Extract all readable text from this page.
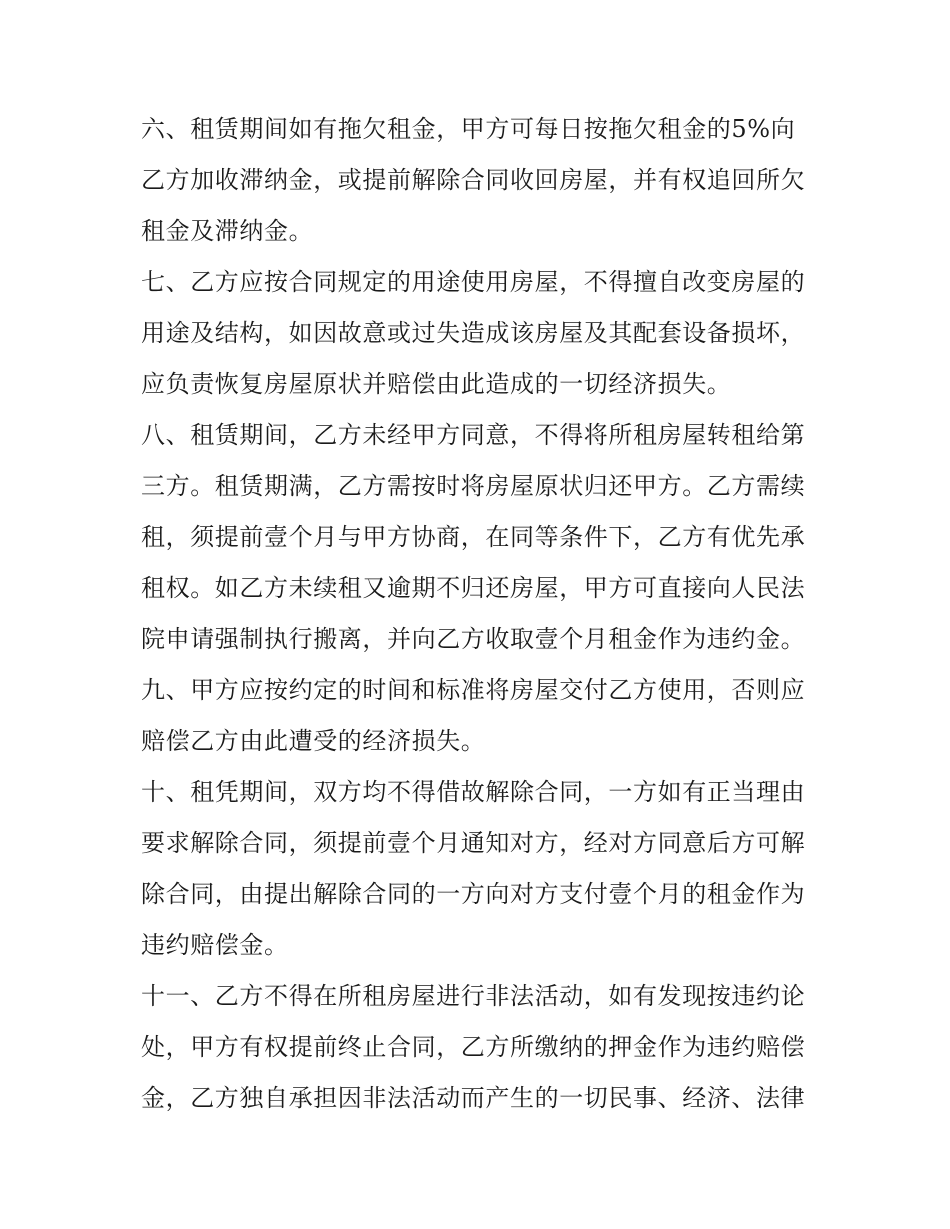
六、租赁期间如有拖欠租金，甲方可每日按拖欠租金的5%向
乙方加收滞纳金，或提前解除合同收回房屋，并有权追回所欠
租金及滞纳金。
七、乙方应按合同规定的用途使用房屋，不得擅自改变房屋的
用途及结构，如因故意或过失造成该房屋及其配套设备损坏，
应负责恢复房屋原状并赔偿由此造成的一切经济损失。
八、租赁期间，乙方未经甲方同意，不得将所租房屋转租给第
三方。租赁期满，乙方需按时将房屋原状归还甲方。乙方需续
租，须提前壹个月与甲方协商，在同等条件下，乙方有优先承
租权。如乙方未续租又逾期不归还房屋，甲方可直接向人民法
院申请强制执行搬离，并向乙方收取壹个月租金作为违约金。
九、甲方应按约定的时间和标准将房屋交付乙方使用，否则应
赔偿乙方由此遭受的经济损失。
十、租凭期间，双方均不得借故解除合同，一方如有正当理由
要求解除合同，须提前壹个月通知对方，经对方同意后方可解
除合同，由提出解除合同的一方向对方支付壹个月的租金作为
违约赔偿金。
十一、乙方不得在所租房屋进行非法活动，如有发现按违约论
处，甲方有权提前终止合同，乙方所缴纳的押金作为违约赔偿
金，乙方独自承担因非法活动而产生的一切民事、经济、法律
